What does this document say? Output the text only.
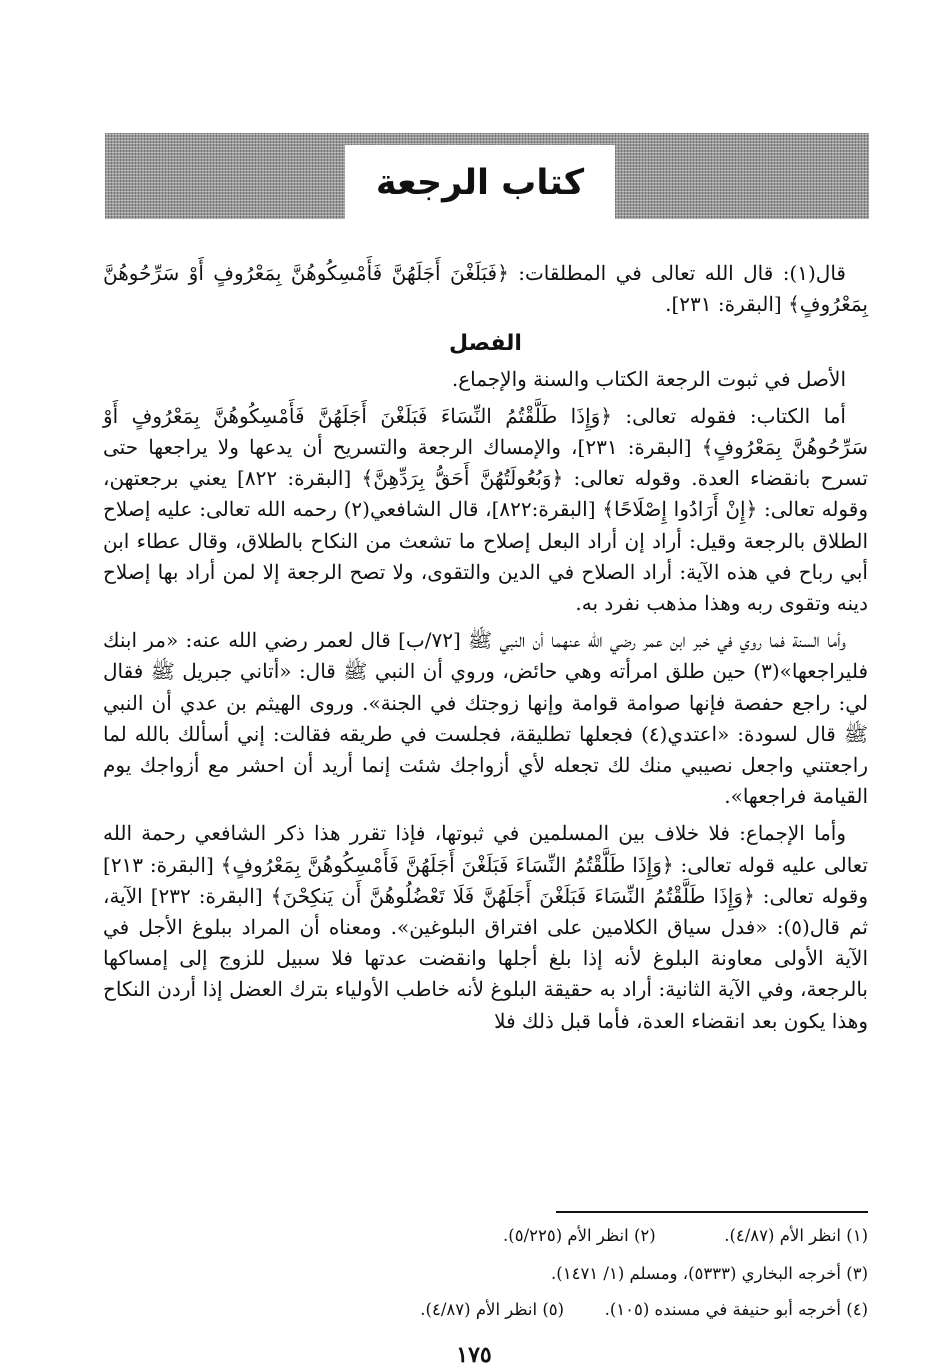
كتاب الرجعة

قال(١): قال الله تعالى في المطلقات: ﴿فَبَلَغْنَ أَجَلَهُنَّ فَأَمْسِكُوهُنَّ بِمَعْرُوفٍ أَوْ سَرِّحُوهُنَّ بِمَعْرُوفٍ﴾ [البقرة: ٢٣١].

الفصل

الأصل في ثبوت الرجعة الكتاب والسنة والإجماع.

أما الكتاب: فقوله تعالى: ﴿وَإِذَا طَلَّقْتُمُ النِّسَاءَ فَبَلَغْنَ أَجَلَهُنَّ فَأَمْسِكُوهُنَّ بِمَعْرُوفٍ أَوْ سَرِّحُوهُنَّ بِمَعْرُوفٍ﴾ [البقرة: ٢٣١]، والإمساك الرجعة والتسريح أن يدعها ولا يراجعها حتى تسرح بانقضاء العدة. وقوله تعالى: ﴿وَبُعُولَتُهُنَّ أَحَقُّ بِرَدِّهِنَّ﴾ [البقرة: ٨٢٢] يعني برجعتهن، وقوله تعالى: ﴿إِنْ أَرَادُوا إِصْلَاحًا﴾ [البقرة:٨٢٢]، قال الشافعي(٢) رحمه الله تعالى: عليه إصلاح الطلاق بالرجعة وقيل: أراد إن أراد البعل إصلاح ما تشعث من النكاح بالطلاق، وقال عطاء ابن أبي رباح في هذه الآية: أراد الصلاح في الدين والتقوى، ولا تصح الرجعة إلا لمن أراد بها إصلاح دينه وتقوى ربه وهذا مذهب نفرد به.

وأما السنة فما روي في خبر ابن عمر رضي الله عنهما أن النبي ﷺ [٧٢/ب] قال لعمر رضي الله عنه: «مر ابنك فليراجعها»(٣) حين طلق امرأته وهي حائض، وروي أن النبي ﷺ قال: «أتاني جبريل ﷺ فقال لي: راجع حفصة فإنها صوامة قوامة وإنها زوجتك في الجنة». وروى الهيثم بن عدي أن النبي ﷺ قال لسودة: «اعتدي(٤) فجعلها تطليقة، فجلست في طريقه فقالت: إني أسألك بالله لما راجعتني واجعل نصيبي منك لك تجعله لأي أزواجك شئت إنما أريد أن احشر مع أزواجك يوم القيامة فراجعها».

وأما الإجماع: فلا خلاف بين المسلمين في ثبوتها، فإذا تقرر هذا ذكر الشافعي رحمة الله تعالى عليه قوله تعالى: ﴿وَإِذَا طَلَّقْتُمُ النِّسَاءَ فَبَلَغْنَ أَجَلَهُنَّ فَأَمْسِكُوهُنَّ بِمَعْرُوفٍ﴾ [البقرة: ٢١٣] وقوله تعالى: ﴿وَإِذَا طَلَّقْتُمُ النِّسَاءَ فَبَلَغْنَ أَجَلَهُنَّ فَلَا تَعْضُلُوهُنَّ أَن يَنكِحْنَ﴾ [البقرة: ٢٣٢] الآية، ثم قال(٥): «فدل سياق الكلامين على افتراق البلوغين». ومعناه أن المراد ببلوغ الأجل في الآية الأولى معاونة البلوغ لأنه إذا بلغ أجلها وانقضت عدتها فلا سبيل للزوج إلى إمساكها بالرجعة، وفي الآية الثانية: أراد به حقيقة البلوغ لأنه خاطب الأولياء بترك العضل إذا أردن النكاح وهذا يكون بعد انقضاء العدة، فأما قبل ذلك فلا

(١) انظر الأم (٤/٨٧).  (٢) انظر الأم (٥/٢٢٥).
(٣) أخرجه البخاري (٥٣٣٣)، ومسلم (١/ ١٤٧١).
(٤) أخرجه أبو حنيفة في مسنده (١٠٥).  (٥) انظر الأم (٤/٨٧).
١٧٥
